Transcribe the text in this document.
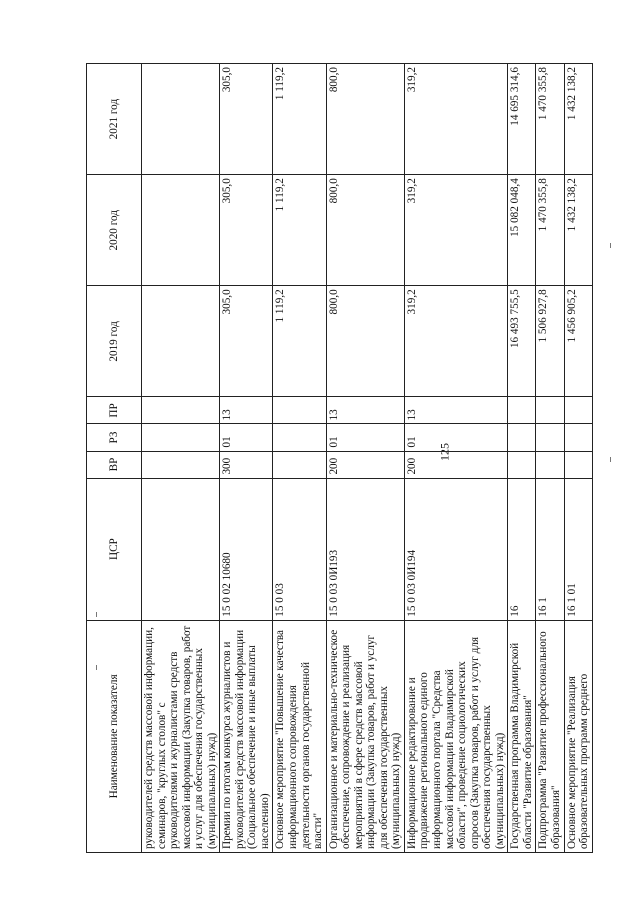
125
Наименование показателя	ЦСР	ВР	РЗ	ПР	2019 год	2020 год	2021 год
руководителей средств массовой информации, семинаров, "круглых столов" с руководителями и журналистами средств массовой информации (Закупка товаров, работ и услуг для обеспечения государственных (муниципальных) нужд)							
Премии по итогам конкурса журналистов и руководителей средств массовой информации (Социальное обеспечение и иные выплаты населению)	15 0 02 10680	300	01	13	305,0	305,0	305,0
Основное мероприятие "Повышение качества информационного сопровождения деятельности органов государственной власти"	15 0 03				1 119,2	1 119,2	1 119,2
Организационное и материально-техническое обеспечение, сопровождение и реализация мероприятий в сфере средств массовой информации (Закупка товаров, работ и услуг для обеспечения государственных (муниципальных) нужд)	15 0 03 0И193	200	01	13	800,0	800,0	800,0
Информационное редактирование и продвижение регионального единого информационного портала "Средства массовой информации Владимирской области", проведение социологических опросов (Закупка товаров, работ и услуг для обеспечения государственных (муниципальных) нужд)	15 0 03 0И194	200	01	13	319,2	319,2	319,2
Государственная программа Владимирской области "Развитие образования"	16				16 493 755,5	15 082 048,4	14 695 314,6
Подпрограмма "Развитие профессионального образования"	16 1				1 506 927,8	1 470 355,8	1 470 355,8
Основное мероприятие "Реализация образовательных программ среднего	16 1 01				1 456 905,2	1 432 138,2	1 432 138,2
